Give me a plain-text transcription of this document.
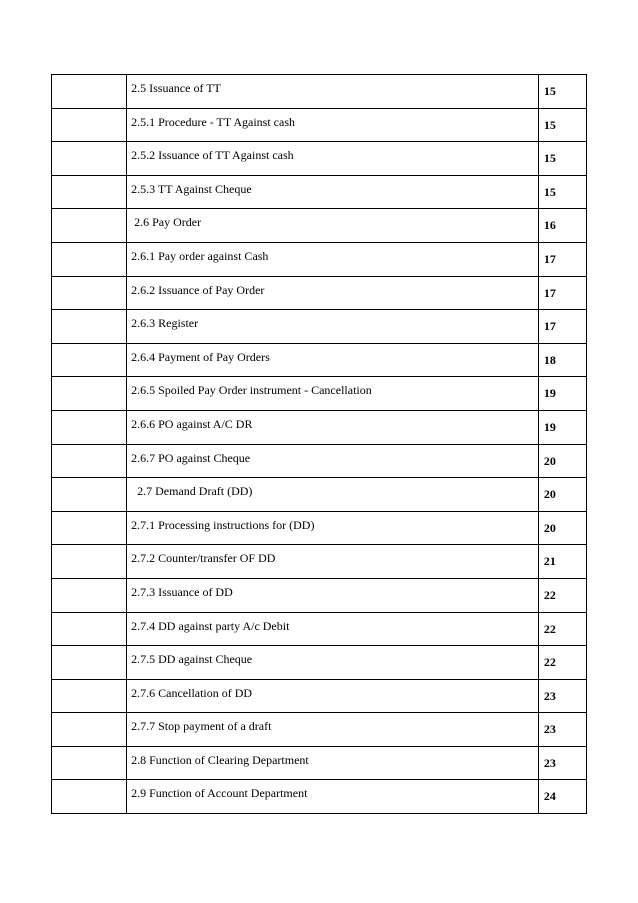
	2.5 Issuance of TT	15

	2.5.1 Procedure - TT Against cash	15

	2.5.2 Issuance of TT Against cash	15

	2.5.3 TT Against Cheque	15

	2.6 Pay Order	16

	2.6.1 Pay order against Cash	17

	2.6.2 Issuance of Pay Order	17

	2.6.3 Register	17

	2.6.4 Payment of Pay Orders	18

	2.6.5 Spoiled Pay Order instrument - Cancellation	19

	2.6.6 PO against A/C DR	19

	2.6.7 PO against Cheque	20

	2.7 Demand Draft (DD)	20

	2.7.1 Processing instructions for (DD)	20

	2.7.2 Counter/transfer OF DD	21

	2.7.3 Issuance of DD	22

	2.7.4 DD against party A/c Debit	22

	2.7.5 DD against Cheque	22

	2.7.6 Cancellation of DD	23

	2.7.7 Stop payment of a draft	23

	2.8 Function of Clearing Department	23

	2.9 Function of Account Department	24
